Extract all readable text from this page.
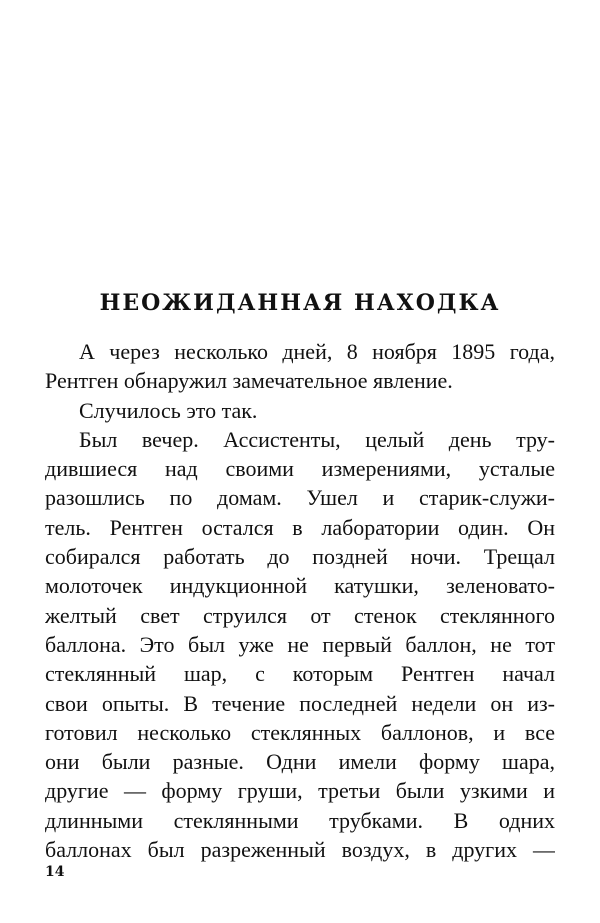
НЕОЖИДАННАЯ НАХОДКА
А через несколько дней, 8 ноября 1895 года,
Рентген обнаружил замечательное явление.
Случилось это так.
Был вечер. Ассистенты, целый день тру-
дившиеся над своими измерениями, усталые
разошлись по домам. Ушел и старик-служи-
тель. Рентген остался в лаборатории один. Он
собирался работать до поздней ночи. Трещал
молоточек индукционной катушки, зеленовато-
желтый свет струился от стенок стеклянного
баллона. Это был уже не первый баллон, не тот
стеклянный шар, с которым Рентген начал
свои опыты. В течение последней недели он из-
готовил несколько стеклянных баллонов, и все
они были разные. Одни имели форму шара,
другие — форму груши, третьи были узкими и
длинными стеклянными трубками. В одних
баллонах был разреженный воздух, в других —
14
